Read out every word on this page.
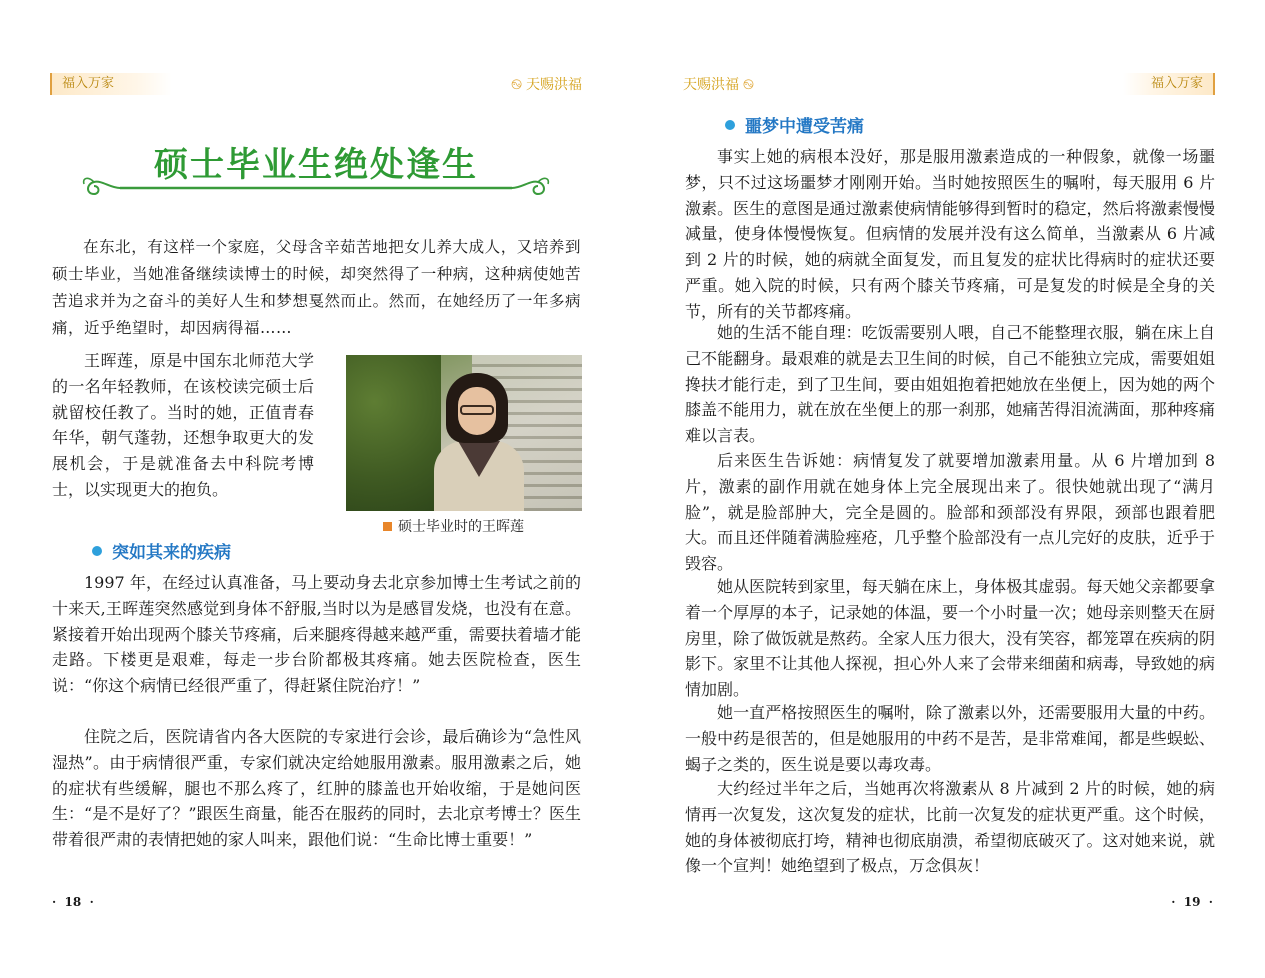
福入万家	࿊ 天赐洪福
硕士毕业生绝处逢生

在东北，有这样一个家庭，父母含辛茹苦地把女儿养大成人，又培养到硕士毕业，当她准备继续读博士的时候，却突然得了一种病，这种病使她苦苦追求并为之奋斗的美好人生和梦想戛然而止。然而，在她经历了一年多病痛，近乎绝望时，却因病得福……

王晖莲，原是中国东北师范大学的一名年轻教师，在该校读完硕士后就留校任教了。当时的她，正值青春年华，朝气蓬勃，还想争取更大的发展机会，于是就准备去中科院考博士，以实现更大的抱负。

硕士毕业时的王晖莲
突如其来的疾病

1997 年，在经过认真准备，马上要动身去北京参加博士生考试之前的十来天,王晖莲突然感觉到身体不舒服,当时以为是感冒发烧，也没有在意。紧接着开始出现两个膝关节疼痛，后来腿疼得越来越严重，需要扶着墙才能走路。下楼更是艰难，每走一步台阶都极其疼痛。她去医院检查，医生说：“你这个病情已经很严重了，得赶紧住院治疗！”

住院之后，医院请省内各大医院的专家进行会诊，最后确诊为“急性风湿热”。由于病情很严重，专家们就决定给她服用激素。服用激素之后，她的症状有些缓解，腿也不那么疼了，红肿的膝盖也开始收缩，于是她问医生：“是不是好了？”跟医生商量，能否在服药的同时，去北京考博士？医生带着很严肃的表情把她的家人叫来，跟他们说：“生命比博士重要！”

·  18  ·
天赐洪福 ࿊	福入万家
噩梦中遭受苦痛

事实上她的病根本没好，那是服用激素造成的一种假象，就像一场噩梦，只不过这场噩梦才刚刚开始。当时她按照医生的嘱咐，每天服用 6 片激素。医生的意图是通过激素使病情能够得到暂时的稳定，然后将激素慢慢减量，使身体慢慢恢复。但病情的发展并没有这么简单，当激素从 6 片减到 2 片的时候，她的病就全面复发，而且复发的症状比得病时的症状还要严重。她入院的时候，只有两个膝关节疼痛，可是复发的时候是全身的关节，所有的关节都疼痛。

她的生活不能自理：吃饭需要别人喂，自己不能整理衣服，躺在床上自己不能翻身。最艰难的就是去卫生间的时候，自己不能独立完成，需要姐姐搀扶才能行走，到了卫生间，要由姐姐抱着把她放在坐便上，因为她的两个膝盖不能用力，就在放在坐便上的那一刹那，她痛苦得泪流满面，那种疼痛难以言表。

后来医生告诉她：病情复发了就要增加激素用量。从 6 片增加到 8 片，激素的副作用就在她身体上完全展现出来了。很快她就出现了“满月脸”，就是脸部肿大，完全是圆的。脸部和颈部没有界限，颈部也跟着肥大。而且还伴随着满脸痤疮，几乎整个脸部没有一点儿完好的皮肤，近乎于毁容。

她从医院转到家里，每天躺在床上，身体极其虚弱。每天她父亲都要拿着一个厚厚的本子，记录她的体温，要一个小时量一次；她母亲则整天在厨房里，除了做饭就是熬药。全家人压力很大，没有笑容，都笼罩在疾病的阴影下。家里不让其他人探视，担心外人来了会带来细菌和病毒，导致她的病情加剧。

她一直严格按照医生的嘱咐，除了激素以外，还需要服用大量的中药。一般中药是很苦的，但是她服用的中药不是苦，是非常难闻，都是些蜈蚣、蝎子之类的，医生说是要以毒攻毒。

大约经过半年之后，当她再次将激素从 8 片减到 2 片的时候，她的病情再一次复发，这次复发的症状，比前一次复发的症状更严重。这个时候，她的身体被彻底打垮，精神也彻底崩溃，希望彻底破灭了。这对她来说，就像一个宣判！她绝望到了极点，万念俱灰！

·  19  ·
